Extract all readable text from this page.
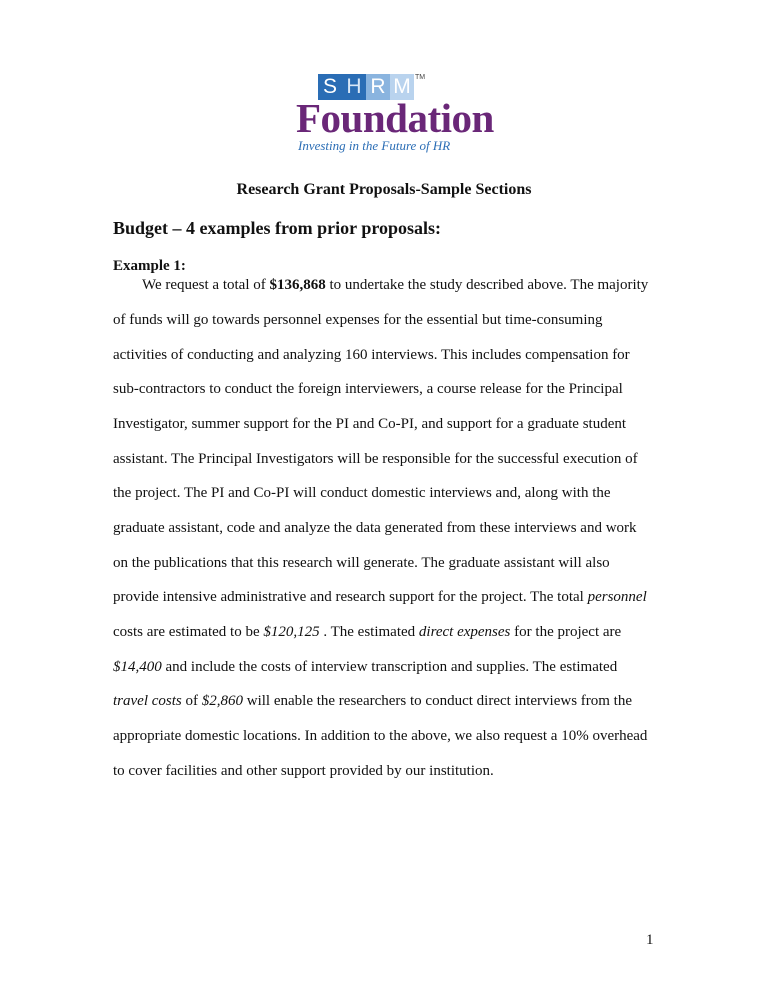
S H R M TM
Foundation
Investing in the Future of HR
Research Grant Proposals-Sample Sections
Budget – 4 examples from prior proposals:
Example 1:
We request a total of $136,868 to undertake the study described above. The majority
of funds will go towards personnel expenses for the essential but time-consuming
activities of conducting and analyzing 160 interviews. This includes compensation for
sub-contractors to conduct the foreign interviewers, a course release for the Principal
Investigator, summer support for the PI and Co-PI, and support for a graduate student
assistant. The Principal Investigators will be responsible for the successful execution of
the project. The PI and Co-PI will conduct domestic interviews and, along with the
graduate assistant, code and analyze the data generated from these interviews and work
on the publications that this research will generate. The graduate assistant will also
provide intensive administrative and research support for the project. The total personnel
costs are estimated to be $120,125 . The estimated direct expenses for the project are
$14,400 and include the costs of interview transcription and supplies. The estimated
travel costs of $2,860 will enable the researchers to conduct direct interviews from the
appropriate domestic locations. In addition to the above, we also request a 10% overhead
to cover facilities and other support provided by our institution.
1
